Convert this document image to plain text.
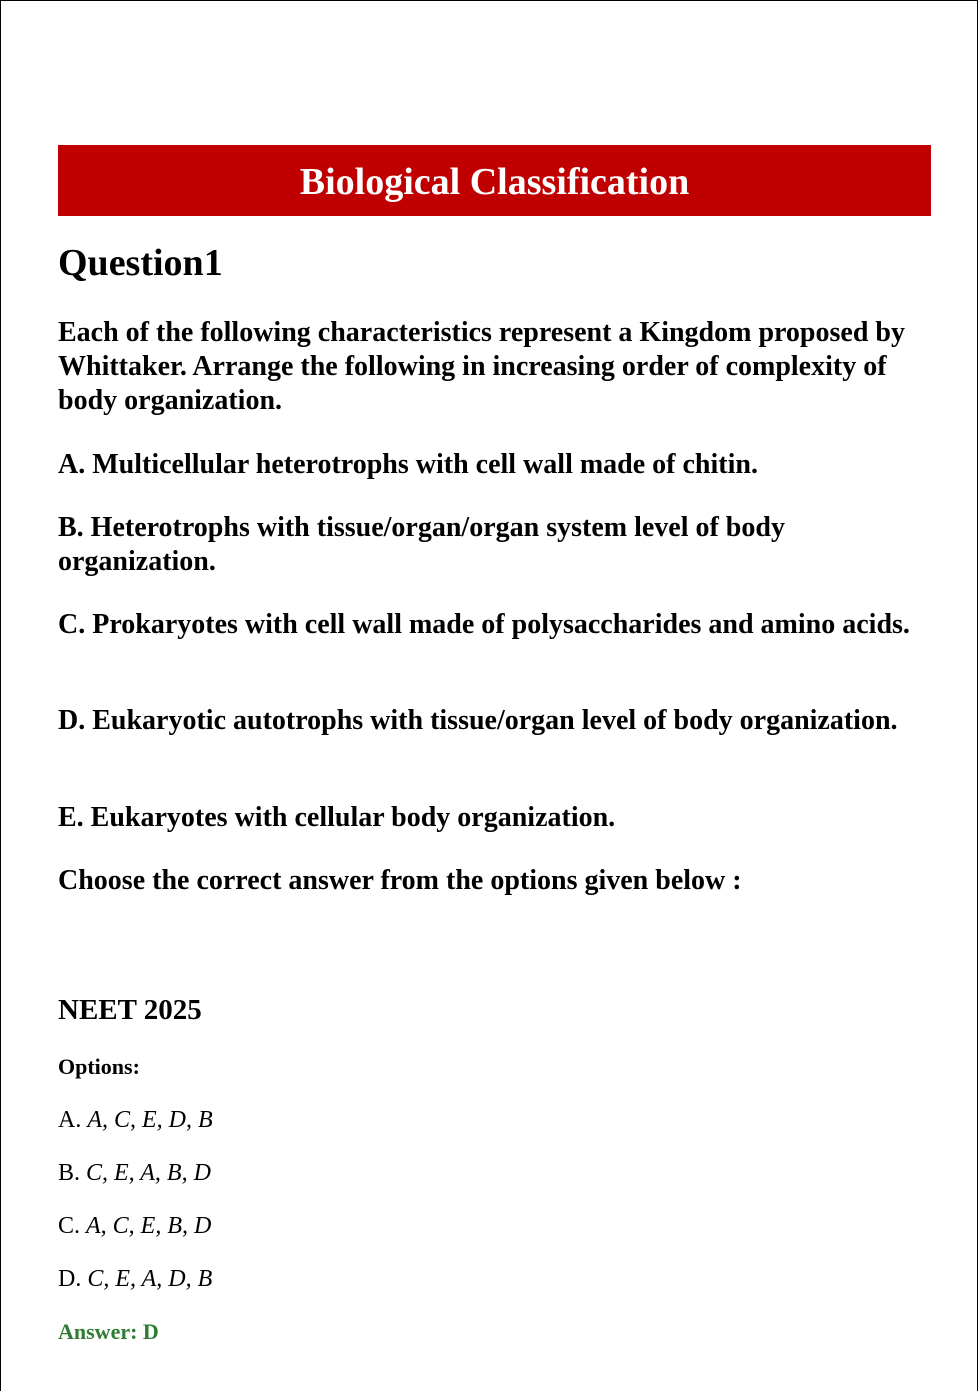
Biological Classification
Question1

Each of the following characteristics represent a Kingdom proposed by Whittaker. Arrange the following in increasing order of complexity of body organization.

A. Multicellular heterotrophs with cell wall made of chitin.

B. Heterotrophs with tissue/organ/organ system level of body organization.

C. Prokaryotes with cell wall made of polysaccharides and amino acids.

D. Eukaryotic autotrophs with tissue/organ level of body organization.

E. Eukaryotes with cellular body organization.

Choose the correct answer from the options given below :

NEET 2025
Options:
A. A, C, E, D, B
B. C, E, A, B, D
C. A, C, E, B, D
D. C, E, A, D, B
Answer: D
